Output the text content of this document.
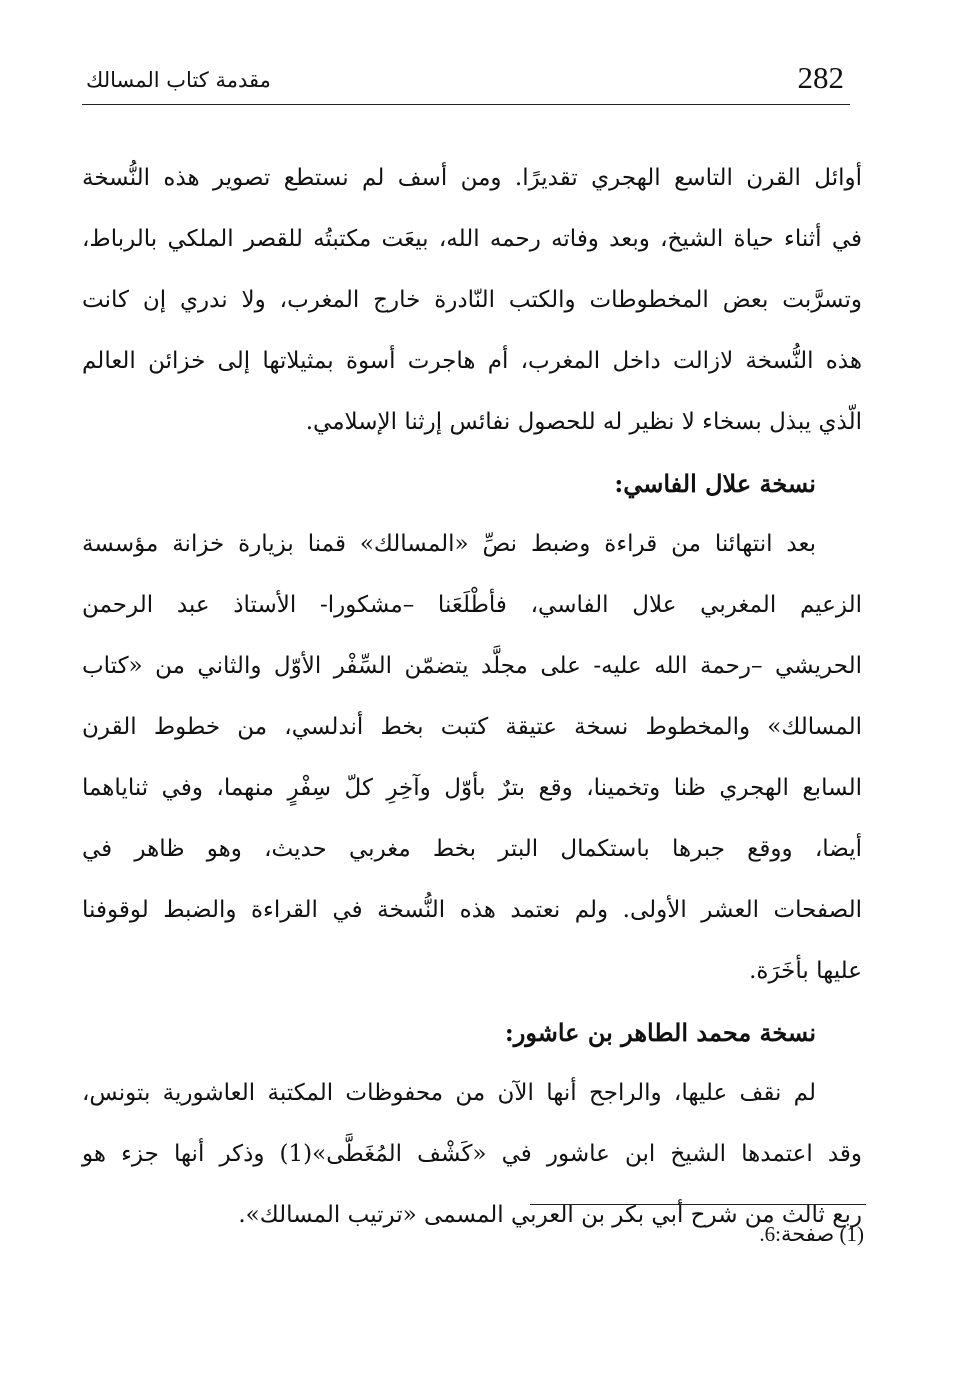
282
مقدمة كتاب المسالك
أوائل القرن التاسع الهجري تقديرًا. ومن أسف لم نستطع تصوير هذه النُّسخة
في أثناء حياة الشيخ، وبعد وفاته رحمه الله، بيعَت مكتبتُه للقصر الملكي بالرباط،
وتسرَّبت بعض المخطوطات والكتب النّادرة خارج المغرب، ولا ندري إن كانت
هذه النُّسخة لازالت داخل المغرب، أم هاجرت أسوة بمثيلاتها إلى خزائن العالم
الّذي يبذل بسخاء لا نظير له للحصول نفائس إرثنا الإسلامي.
نسخة علال الفاسي:
بعد انتهائنا من قراءة وضبط نصِّ «المسالك» قمنا بزيارة خزانة مؤسسة
الزعيم المغربي علال الفاسي، فأطْلَعَنا –مشكورا- الأستاذ عبد الرحمن
الحريشي –رحمة الله عليه- على مجلَّد يتضمّن السِّفْر الأوّل والثاني من «كتاب
المسالك» والمخطوط نسخة عتيقة كتبت بخط أندلسي، من خطوط القرن
السابع الهجري ظنا وتخمينا، وقع بترٌ بأوّل وآخِرِ كلّ سِفْرٍ منهما، وفي ثناياهما
أيضا، ووقع جبرها باستكمال البتر بخط مغربي حديث، وهو ظاهر في
الصفحات العشر الأولى. ولم نعتمد هذه النُّسخة في القراءة والضبط لوقوفنا
عليها بأخَرَة.
نسخة محمد الطاهر بن عاشور:
لم نقف عليها، والراجح أنها الآن من محفوظات المكتبة العاشورية بتونس،
وقد اعتمدها الشيخ ابن عاشور في «كَشْف المُغَطَّى»(1) وذكر أنها جزء هو
ربع ثالث من شرح أبي بكر بن العربي المسمى «ترتيب المسالك».
(1) صفحة:6.
